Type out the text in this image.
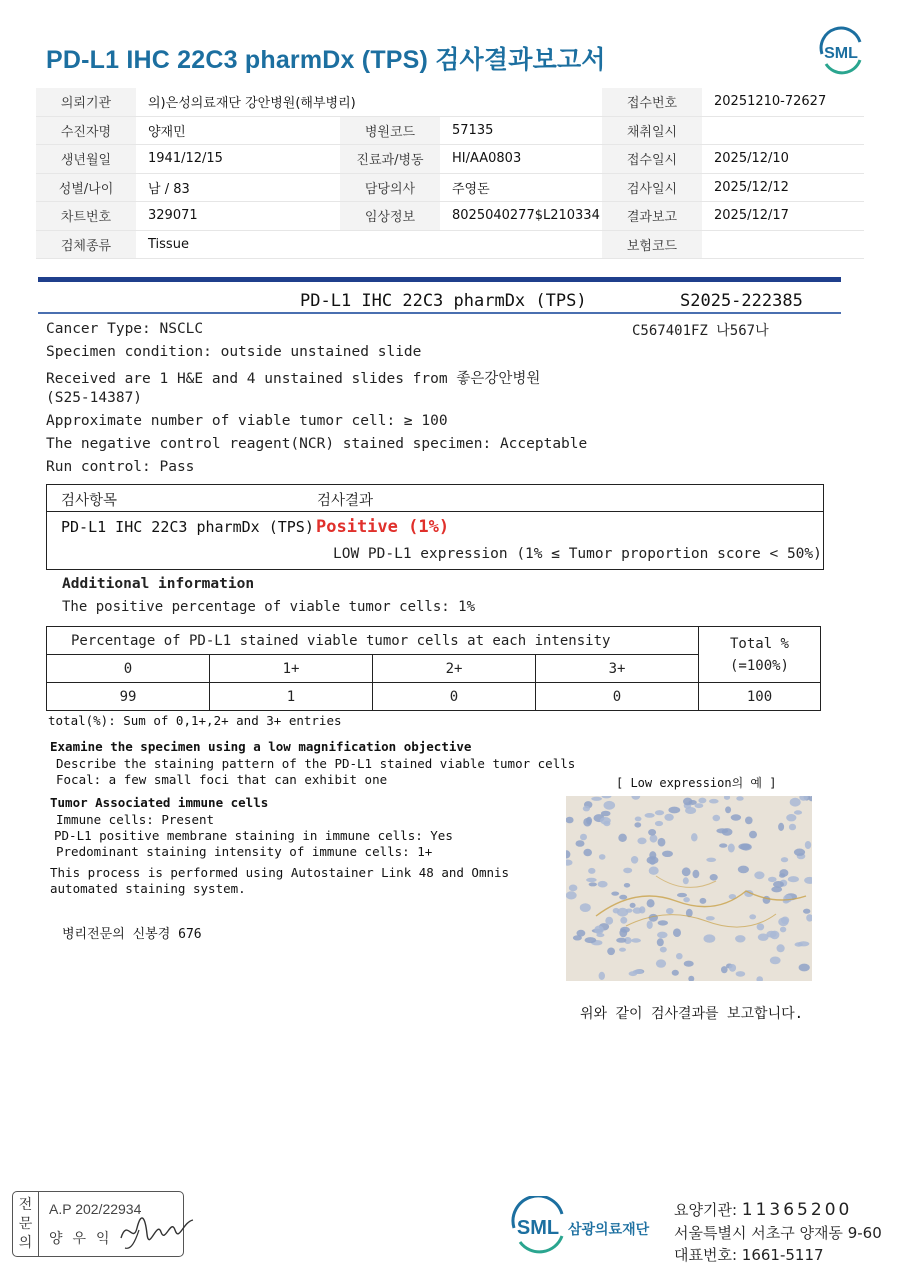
PD-L1 IHC 22C3 pharmDx (TPS) 검사결과보고서	SML
의뢰기관	의)은성의료재단 강안병원(해부병리)	접수번호	20251210-72627
수진자명	양재민	병원코드	57135	채취일시
생년월일	1941/12/15	진료과/병동	HI/AA0803	접수일시	2025/12/10
성별/나이	남 / 83	담당의사	주영돈	검사일시	2025/12/12
차트번호	329071	임상정보	8025040277$L210334	결과보고	2025/12/17
검체종류	Tissue	보험코드
PD-L1 IHC 22C3 pharmDx (TPS)	S2025-222385
C567401FZ 나567나
Cancer Type: NSCLC
Specimen condition: outside unstained slide
Received are 1 H&E and 4 unstained slides from 좋은강안병원
(S25-14387)
Approximate number of viable tumor cell: ≥ 100
The negative control reagent(NCR) stained specimen: Acceptable
Run control: Pass
검사항목	검사결과
PD-L1 IHC 22C3 pharmDx (TPS) Positive (1%)
LOW PD-L1 expression (1% ≤ Tumor proportion score < 50%)
Additional information
The positive percentage of viable tumor cells: 1%
Percentage of PD-L1 stained viable tumor cells at each intensity				Total %
(=100%)

0	1+	2+	3+	
99	1	0	0	100
total(%): Sum of 0,1+,2+ and 3+ entries
Examine the specimen using a low magnification objective
Describe the staining pattern of the PD-L1 stained viable tumor cells
Focal: a few small foci that can exhibit one	[ Low expression의 예 ]
Tumor Associated immune cells
Immune cells: Present
PD-L1 positive membrane staining in immune cells: Yes
Predominant staining intensity of immune cells: 1+
This process is performed using Autostainer Link 48 and Omnis
automated staining system.
병리전문의 신봉경 676
위와 같이 검사결과를 보고합니다.
전
문
의
A.P 202/22934
양우익	SML 삼광의료재단
요양기관: 11365200
서울특별시 서초구 양재동 9-60
대표번호: 1661-5117
